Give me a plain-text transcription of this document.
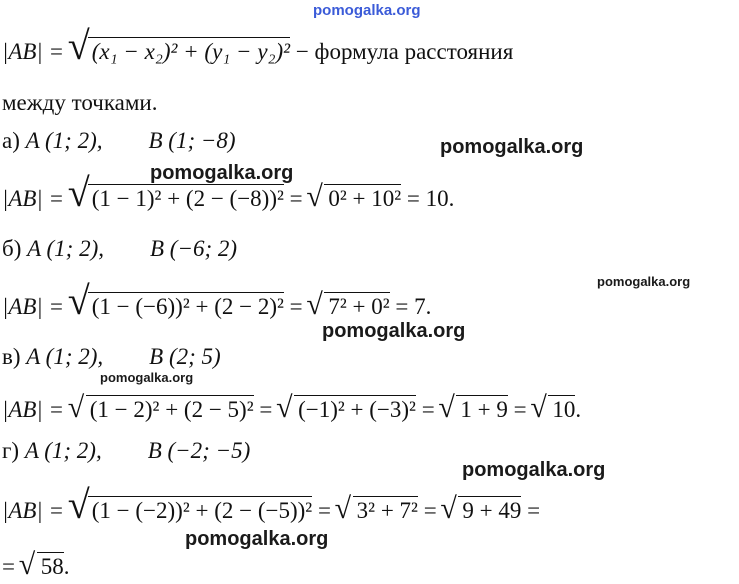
pomogalka.org
pomogalka.org
pomogalka.org
pomogalka.org
pomogalka.org
pomogalka.org
pomogalka.org
pomogalka.org
|AB| = √ (x₁ − x₂)² + (y₁ − y₂)² − формула расстояния
между точками.
а) A (1; 2),        B (1; −8)
|AB| = √ (1 − 1)² + (2 − (−8))² = √ 0² + 10² = 10.
б) A (1; 2),        B (−6; 2)
|AB| = √ (1 − (−6))² + (2 − 2)² = √ 7² + 0² = 7.
в) A (1; 2),        B (2; 5)
|AB| = √ (1 − 2)² + (2 − 5)² = √ (−1)² + (−3)² = √ 1 + 9 = √ 10.
г) A (1; 2),        B (−2; −5)
|AB| = √ (1 − (−2))² + (2 − (−5))² = √ 3² + 7² = √ 9 + 49 =
= √ 58.
